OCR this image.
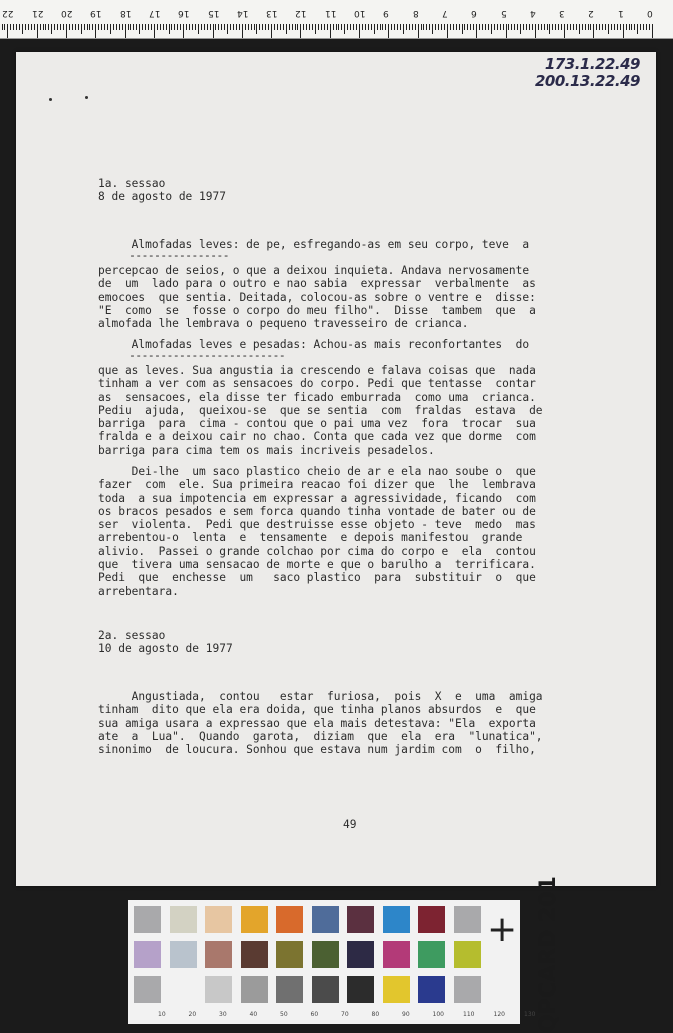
0
1
2
3
4
5
6
7
8
9
10
11
12
13
14
15
16
17
18
19
20
21
22
173.1.22.49
200.13.22.49
1a. sessao
8 de agosto de 1977
Almofadas leves: de pe, esfregando-as em seu corpo, teve  a
----------------
percepcao de seios, o que a deixou inquieta. Andava nervosamente
de  um  lado para o outro e nao sabia  expressar  verbalmente  as
emocoes  que sentia. Deitada, colocou-as sobre o ventre e  disse:
"E  como  se  fosse o corpo do meu filho".  Disse  tambem  que  a
almofada lhe lembrava o pequeno travesseiro de crianca.
Almofadas leves e pesadas: Achou-as mais reconfortantes  do
-------------------------
que as leves. Sua angustia ia crescendo e falava coisas que  nada
tinham a ver com as sensacoes do corpo. Pedi que tentasse  contar
as  sensacoes, ela disse ter ficado emburrada  como uma  crianca.
Pediu  ajuda,  queixou-se  que se sentia  com  fraldas  estava  de
barriga  para  cima - contou que o pai uma vez  fora  trocar  sua
fralda e a deixou cair no chao. Conta que cada vez que dorme  com
barriga para cima tem os mais incriveis pesadelos.
Dei-lhe  um saco plastico cheio de ar e ela nao soube o  que
fazer  com  ele. Sua primeira reacao foi dizer que  lhe  lembrava
toda  a sua impotencia em expressar a agressividade, ficando  com
os bracos pesados e sem forca quando tinha vontade de bater ou de
ser  violenta.  Pedi que destruisse esse objeto - teve  medo  mas
arrebentou-o  lenta  e  tensamente  e depois manifestou  grande
alivio.  Passei o grande colchao por cima do corpo e  ela  contou
que  tivera uma sensacao de morte e que o barulho a  terrificara.
Pedi  que  enchesse  um   saco plastico  para  substituir  o  que
arrebentara.
2a. sessao
10 de agosto de 1977
Angustiada,  contou   estar  furiosa,  pois  X  e  uma  amiga
tinham  dito que ela era doida, que tinha planos absurdos  e  que
sua amiga usara a expressao que ela mais detestava: "Ela  exporta
ate  a  Lua".  Quando  garota,  diziam  que  ela  era  "lunatica",
sinonimo  de loucura. Sonhou que estava num jardim com  o  filho,
49
10	20	30	40	50	60	70	80	90	100	110	120	130
+ QPCARD 201
